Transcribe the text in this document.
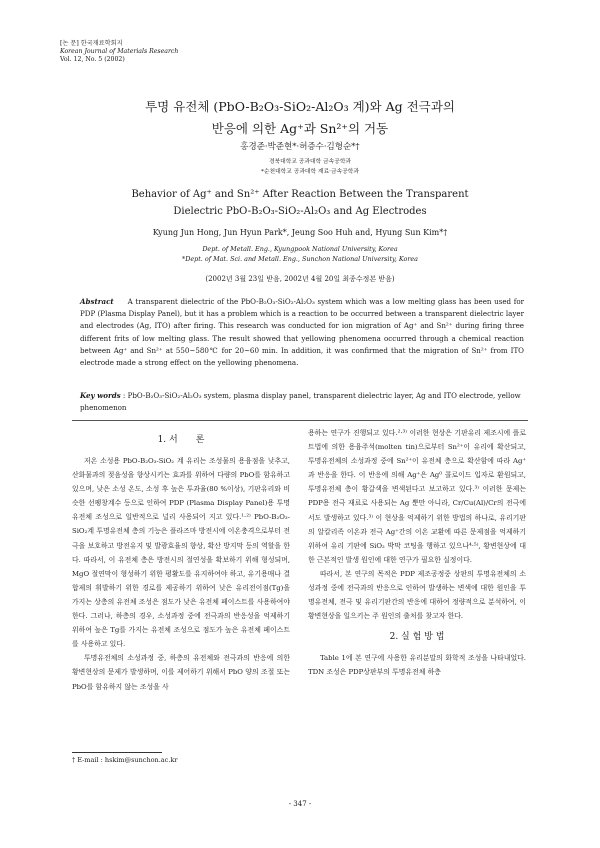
[논 문] 한국재료학회지
Korean Journal of Materials Research
Vol. 12, No. 5 (2002)
투명 유전체 (PbO-B₂O₃-SiO₂-Al₂O₃ 계)와 Ag 전극과의
반응에 의한 Ag⁺과 Sn²⁺의 거동
홍경준·박준현*·허증수·김형순*†
경북대학교 공과대학 금속공학과
*순천대학교 공과대학 재료·금속공학과
Behavior of Ag⁺ and Sn²⁺ After Reaction Between the Transparent
Dielectric PbO-B₂O₃-SiO₂-Al₂O₃ and Ag Electrodes
Kyung Jun Hong, Jun Hyun Park*, Jeung Soo Huh and, Hyung Sun Kim*†
Dept. of Metall. Eng., Kyungpook National University, Korea
*Dept. of Mat. Sci. and Metall. Eng., Sunchon National University, Korea
(2002년 3월 23일 받음, 2002년 4월 20일 최종수정본 받음)
Abstract A transparent dielectric of the PbO-B₂O₃-SiO₂-Al₂O₃ system which was a low melting glass has been used for PDP (Plasma Display Panel), but it has a problem which is a reaction to be occurred between a transparent dielectric layer and electrodes (Ag, ITO) after firing. This research was conducted for ion migration of Ag⁺ and Sn²⁺ during firing three different frits of low melting glass. The result showed that yellowing phenomena occurred through a chemical reaction between Ag⁺ and Sn²⁺ at 550~580℃ for 20~60 min. In addition, it was confirmed that the migration of Sn²⁺ from ITO electrode made a strong effect on the yellowing phenomena.
Key words : PbO-B₂O₃-SiO₂-Al₂O₃ system, plasma display panel, transparent dielectric layer, Ag and ITO electrode, yellow phenomenon
1. 서　　론

저온 소성용 PbO-B₂O₃-SiO₂ 계 유리는 조성물의 용융점을 낮추고, 산화물과의 젖음성을 향상시키는 효과를 위하여 다량의 PbO를 함유하고 있으며, 낮은 소성 온도, 소성 후 높은 투과율(80 %이상), 기판유리와 비슷한 선팽창계수 등으로 인하여 PDP (Plasma Display Panel)용 투명유전체 조성으로 일반적으로 널리 사용되어 지고 있다.¹·²⁾ PbO-B₂O₃-SiO₂계 투명유전체 층의 기능은 플라즈마 방전시에 이온충격으로부터 전극을 보호하고 방전유지 및 발광효율의 향상, 확산 방지막 등의 역할을 한다. 따라서, 이 유전체 층은 방전시의 절연성을 확보하기 위해 형성되며, MgO 절연막이 형성하기 위한 평활도를 유지하여야 하고, 유기용매나 결합제의 휘발하기 위한 경로를 제공하기 위하여 낮은 유리전이점(Tg)을 가지는 상층의 유전체 조성은 점도가 낮은 유전체 페이스트를 사용하여야 한다. 그러나, 하층의 경우, 소성과정 중에 전극과의 반응성을 억제하기 위하여 높은 Tg를 가지는 유전체 조성으로 점도가 높은 유전체 페이스트를 사용하고 있다.

투명유전체의 소성과정 중, 하층의 유전체와 전극과의 반응에 의한 황변현상의 문제가 발생하며, 이를 제어하기 위해서 PbO 양의 조절 또는 PbO를 함유하지 않는 조성을 사

용하는 연구가 진행되고 있다.²·³⁾ 이러한 현상은 기판유리 제조시에 플로트법에 의한 용융주석(molten tin)으로부터 Sn²⁺이 유리에 확산되고, 투명유전체의 소성과정 중에 Sn²⁺이 유전체 층으로 확산함에 따라 Ag⁺과 반응을 한다. 이 반응에 의해 Ag⁺은 Ag⁰ 콜로이드 입자로 환원되고, 투명유전체 층이 황갈색을 변색된다고 보고하고 있다.³⁾ 이러한 문제는 PDP용 전극 재료로 사용되는 Ag 뿐만 아니라, Cr/Cu(Al)/Cr의 전극에서도 발생하고 있다.³⁾ 이 현상을 억제하기 위한 방법의 하나로, 유리기판의 알칼리족 이온과 전극 Ag⁺간의 이온 교환에 따른 문제점을 억제하기 위하여 유리 기판에 SiO₂ 박막 코팅을 행하고 있으나⁴·⁵⁾, 황변현상에 대한 근본적인 발생 원인에 대한 연구가 필요한 실정이다.

따라서, 본 연구의 목적은 PDP 제조공정중 상판의 투명유전체의 소성과정 중에 전극과의 반응으로 인하여 발생하는 변색에 대한 원인을 투명유전체, 전극 및 유리기판간의 반응에 대하여 정량적으로 분석하여, 이 황변현상을 일으키는 주 원인의 출처를 찾고자 한다.

2. 실 험 방 법

Table 1에 본 연구에 사용한 유리분말의 화학적 조성을 나타내었다. TDN 조성은 PDP상판부의 투명유전체 하층

† E-mail : hskim@sunchon.ac.kr
- 347 -
